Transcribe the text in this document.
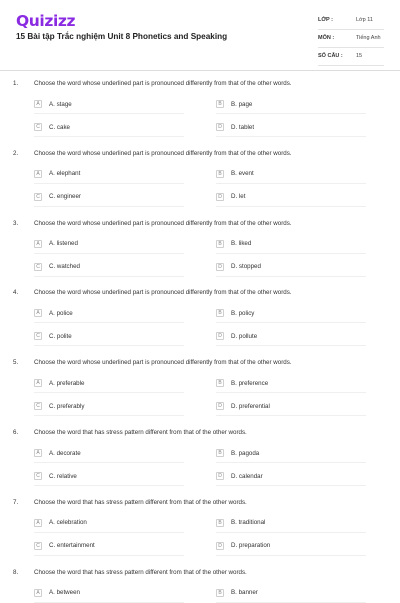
Quizizz
15 Bài tập Trắc nghiệm Unit 8 Phonetics and Speaking
LỚP :	Lớp 11
MÔN :	Tiếng Anh
SỐ CÂU :	15
1.	Choose the word whose underlined part is pronounced differently from that of the other words.
A	A. stage	B	B. page
C	C. cake	D	D. tablet
2.	Choose the word whose underlined part is pronounced differently from that of the other words.
A	A. elephant	B	B. event
C	C. engineer	D	D. let
3.	Choose the word whose underlined part is pronounced differently from that of the other words.
A	A. listened	B	B. liked
C	C. watched	D	D. stopped
4.	Choose the word whose underlined part is pronounced differently from that of the other words.
A	A. police	B	B. policy
C	C. polite	D	D. pollute
5.	Choose the word whose underlined part is pronounced differently from that of the other words.
A	A. preferable	B	B. preference
C	C. preferably	D	D. preferential
6.	Choose the word that has stress pattern different from that of the other words.
A	A. decorate	B	B. pagoda
C	C. relative	D	D. calendar
7.	Choose the word that has stress pattern different from that of the other words.
A	A. celebration	B	B. traditional
C	C. entertainment	D	D. preparation
8.	Choose the word that has stress pattern different from that of the other words.
A	A. between	B	B. banner
